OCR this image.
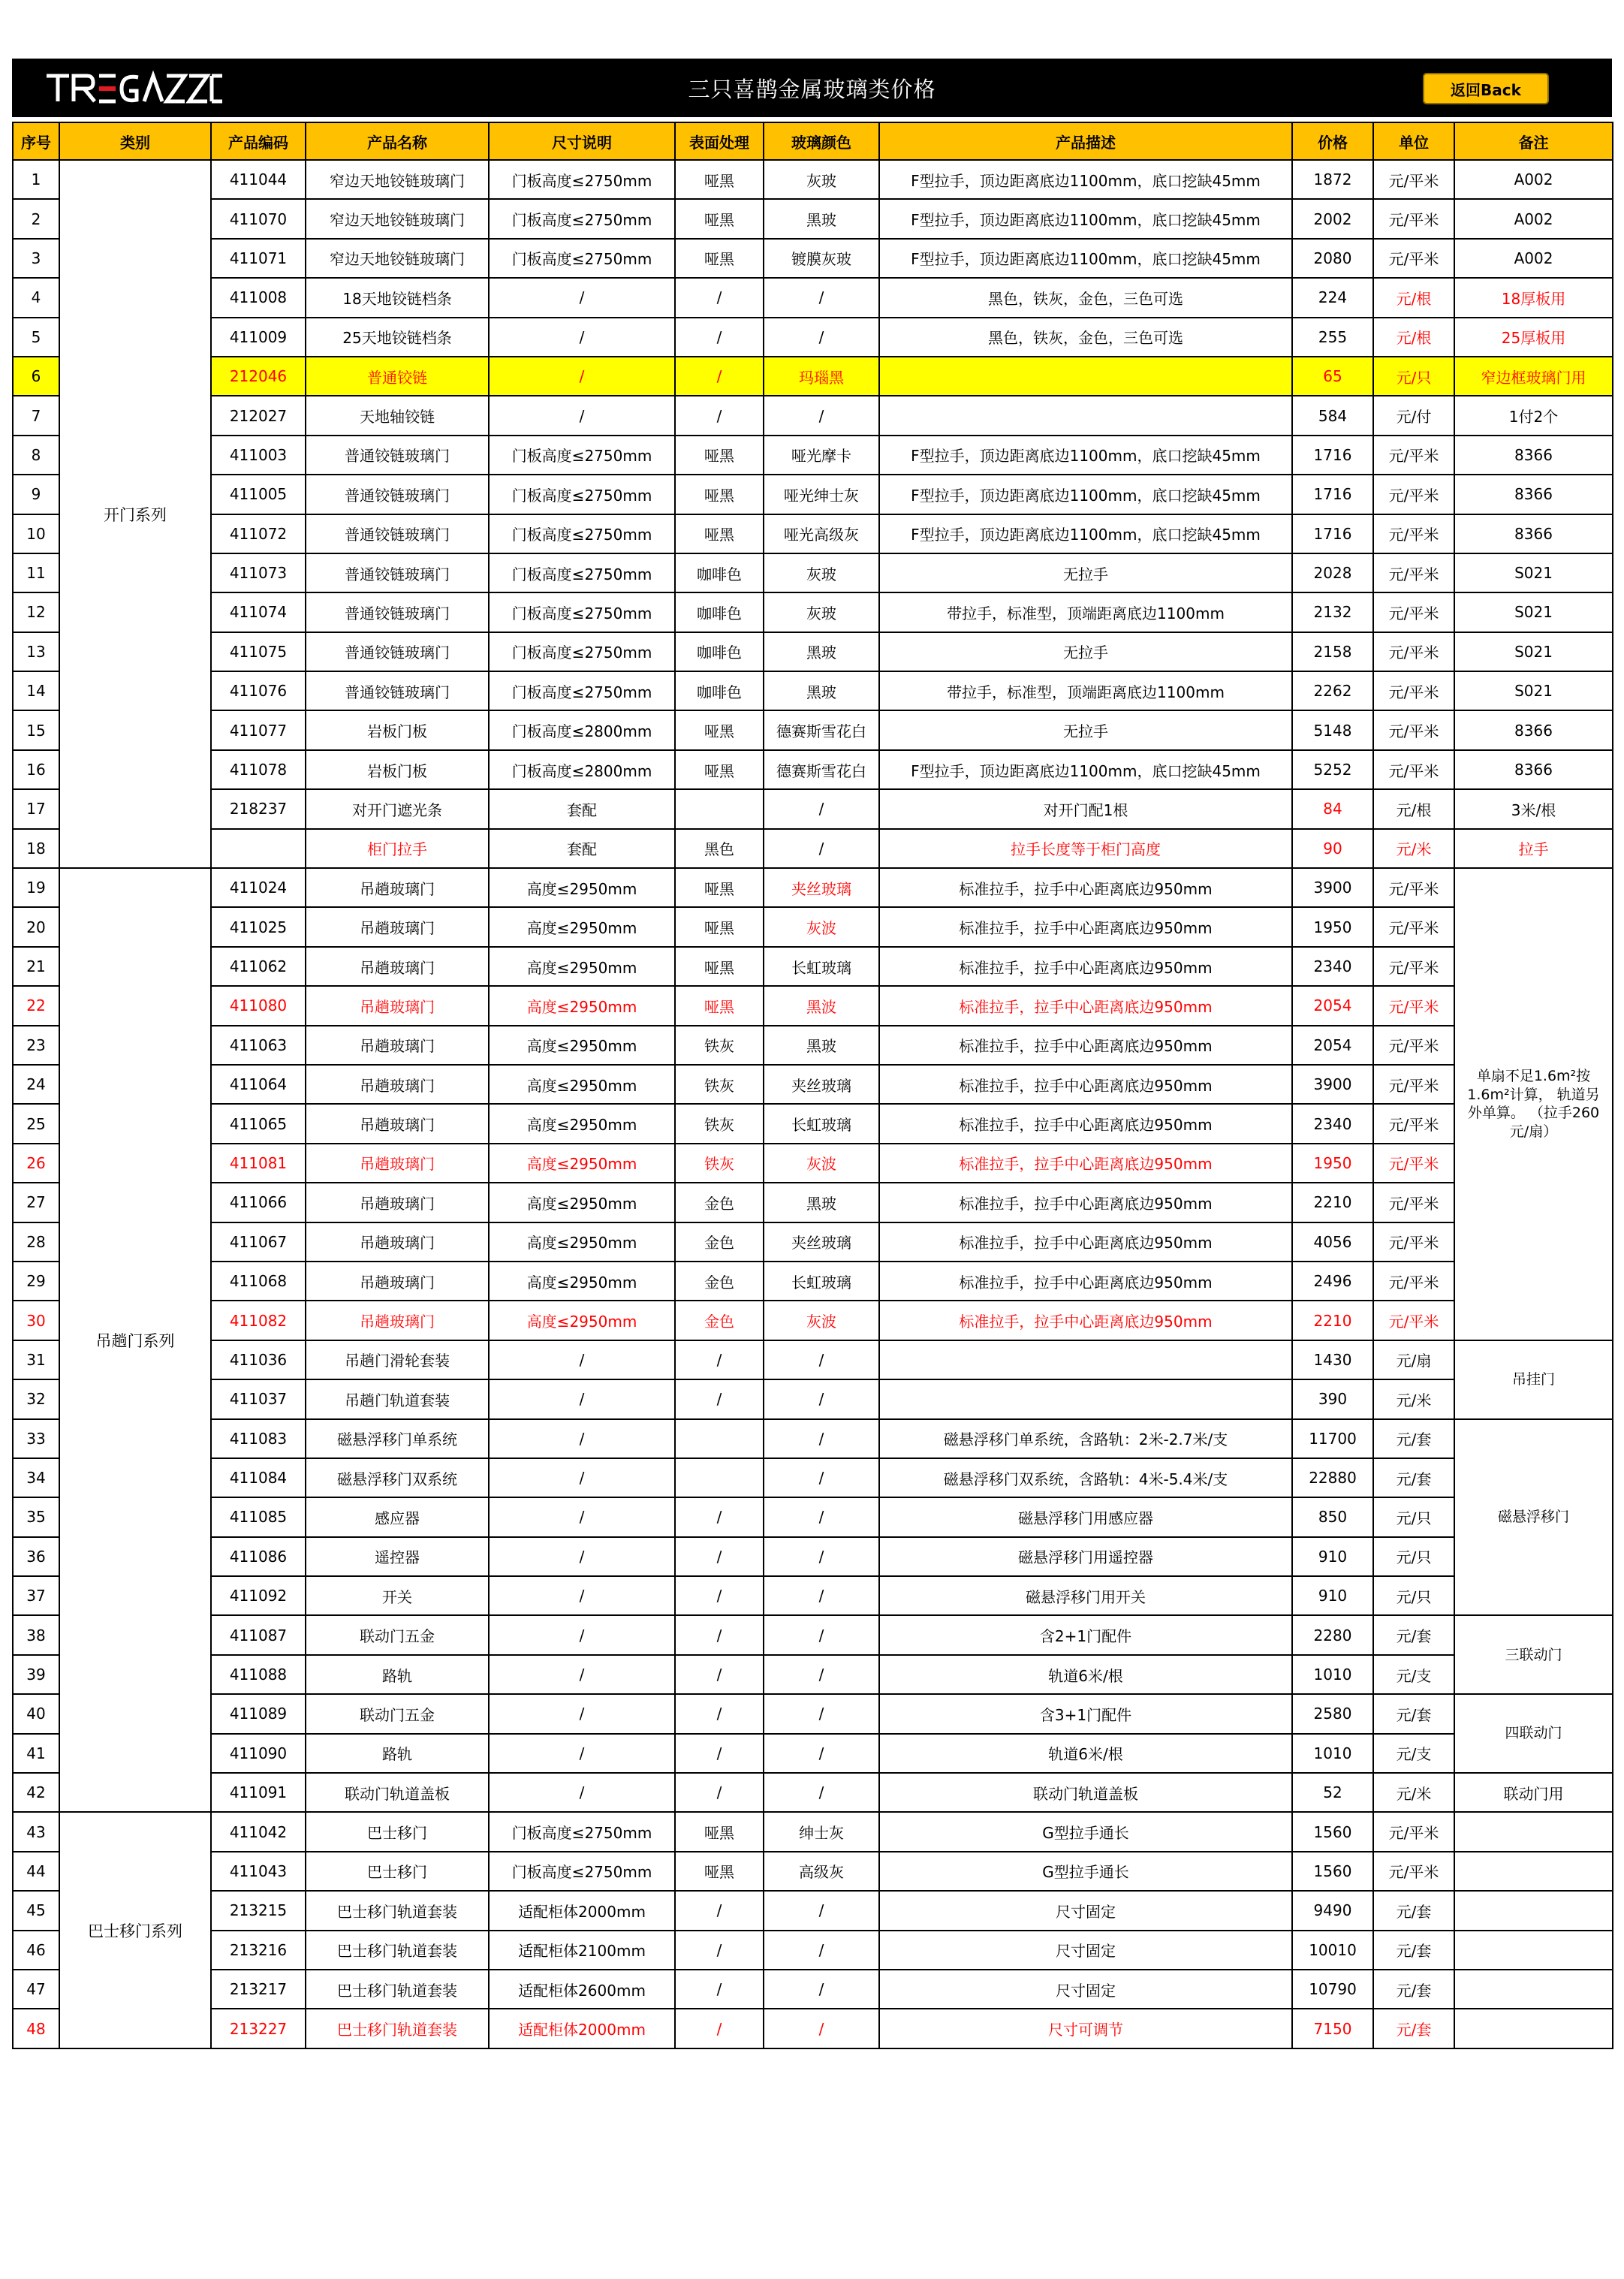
三只喜鹊金属玻璃类价格	返回Back
序号	类别	产品编码	产品名称	尺寸说明	表面处理	玻璃颜色	产品描述	价格	单位	备注
1	开门系列	411044	窄边天地铰链玻璃门	门板高度≤2750mm	哑黑	灰玻	F型拉手，顶边距离底边1100mm，底口挖缺45mm	1872	元/平米	A002
2		411070	窄边天地铰链玻璃门	门板高度≤2750mm	哑黑	黑玻	F型拉手，顶边距离底边1100mm，底口挖缺45mm	2002	元/平米	A002
3		411071	窄边天地铰链玻璃门	门板高度≤2750mm	哑黑	镀膜灰玻	F型拉手，顶边距离底边1100mm，底口挖缺45mm	2080	元/平米	A002
4		411008	18天地铰链档条	/	/	/	黑色，铁灰，金色，三色可选	224	元/根	18厚板用
5		411009	25天地铰链档条	/	/	/	黑色，铁灰，金色，三色可选	255	元/根	25厚板用
6		212046	普通铰链	/	/	玛瑙黑		65	元/只	窄边框玻璃门用
7		212027	天地轴铰链	/	/	/		584	元/付	1付2个
8		411003	普通铰链玻璃门	门板高度≤2750mm	哑黑	哑光摩卡	F型拉手，顶边距离底边1100mm，底口挖缺45mm	1716	元/平米	8366
9		411005	普通铰链玻璃门	门板高度≤2750mm	哑黑	哑光绅士灰	F型拉手，顶边距离底边1100mm，底口挖缺45mm	1716	元/平米	8366
10		411072	普通铰链玻璃门	门板高度≤2750mm	哑黑	哑光高级灰	F型拉手，顶边距离底边1100mm，底口挖缺45mm	1716	元/平米	8366
11		411073	普通铰链玻璃门	门板高度≤2750mm	咖啡色	灰玻	无拉手	2028	元/平米	S021
12		411074	普通铰链玻璃门	门板高度≤2750mm	咖啡色	灰玻	带拉手，标准型，顶端距离底边1100mm	2132	元/平米	S021
13		411075	普通铰链玻璃门	门板高度≤2750mm	咖啡色	黑玻	无拉手	2158	元/平米	S021
14		411076	普通铰链玻璃门	门板高度≤2750mm	咖啡色	黑玻	带拉手，标准型，顶端距离底边1100mm	2262	元/平米	S021
15		411077	岩板门板	门板高度≤2800mm	哑黑	德赛斯雪花白	无拉手	5148	元/平米	8366
16		411078	岩板门板	门板高度≤2800mm	哑黑	德赛斯雪花白	F型拉手，顶边距离底边1100mm，底口挖缺45mm	5252	元/平米	8366
17		218237	对开门遮光条	套配		/	对开门配1根	84	元/根	3米/根
18			柜门拉手	套配	黑色	/	拉手长度等于柜门高度	90	元/米	拉手
19	吊趟门系列	411024	吊趟玻璃门	高度≤2950mm	哑黑	夹丝玻璃	标准拉手，拉手中心距离底边950mm	3900	元/平米	单扇不足1.6m²按1.6m²计算， 轨道另外单算。 （拉手260元/扇）
20		411025	吊趟玻璃门	高度≤2950mm	哑黑	灰波	标准拉手，拉手中心距离底边950mm	1950	元/平米	
21		411062	吊趟玻璃门	高度≤2950mm	哑黑	长虹玻璃	标准拉手，拉手中心距离底边950mm	2340	元/平米	
22		411080	吊趟玻璃门	高度≤2950mm	哑黑	黑波	标准拉手，拉手中心距离底边950mm	2054	元/平米	
23		411063	吊趟玻璃门	高度≤2950mm	铁灰	黑玻	标准拉手，拉手中心距离底边950mm	2054	元/平米	
24		411064	吊趟玻璃门	高度≤2950mm	铁灰	夹丝玻璃	标准拉手，拉手中心距离底边950mm	3900	元/平米	
25		411065	吊趟玻璃门	高度≤2950mm	铁灰	长虹玻璃	标准拉手，拉手中心距离底边950mm	2340	元/平米	
26		411081	吊趟玻璃门	高度≤2950mm	铁灰	灰波	标准拉手，拉手中心距离底边950mm	1950	元/平米	
27		411066	吊趟玻璃门	高度≤2950mm	金色	黑玻	标准拉手，拉手中心距离底边950mm	2210	元/平米	
28		411067	吊趟玻璃门	高度≤2950mm	金色	夹丝玻璃	标准拉手，拉手中心距离底边950mm	4056	元/平米	
29		411068	吊趟玻璃门	高度≤2950mm	金色	长虹玻璃	标准拉手，拉手中心距离底边950mm	2496	元/平米	
30		411082	吊趟玻璃门	高度≤2950mm	金色	灰波	标准拉手，拉手中心距离底边950mm	2210	元/平米	
31		411036	吊趟门滑轮套装	/	/	/		1430	元/扇	吊挂门
32		411037	吊趟门轨道套装	/	/	/		390	元/米	
33		411083	磁悬浮移门单系统	/		/	磁悬浮移门单系统，含路轨：2米-2.7米/支	11700	元/套	磁悬浮移门
34		411084	磁悬浮移门双系统	/		/	磁悬浮移门双系统，含路轨：4米-5.4米/支	22880	元/套	
35		411085	感应器	/	/	/	磁悬浮移门用感应器	850	元/只	
36		411086	遥控器	/	/	/	磁悬浮移门用遥控器	910	元/只	
37		411092	开关	/	/	/	磁悬浮移门用开关	910	元/只	
38		411087	联动门五金	/	/	/	含2+1门配件	2280	元/套	三联动门
39		411088	路轨	/	/	/	轨道6米/根	1010	元/支	
40		411089	联动门五金	/	/	/	含3+1门配件	2580	元/套	四联动门
41		411090	路轨	/	/	/	轨道6米/根	1010	元/支	
42		411091	联动门轨道盖板	/	/	/	联动门轨道盖板	52	元/米	联动门用
43	巴士移门系列	411042	巴士移门	门板高度≤2750mm	哑黑	绅士灰	G型拉手通长	1560	元/平米	
44		411043	巴士移门	门板高度≤2750mm	哑黑	高级灰	G型拉手通长	1560	元/平米	
45		213215	巴士移门轨道套装	适配柜体2000mm	/	/	尺寸固定	9490	元/套	
46		213216	巴士移门轨道套装	适配柜体2100mm	/	/	尺寸固定	10010	元/套	
47		213217	巴士移门轨道套装	适配柜体2600mm	/	/	尺寸固定	10790	元/套	
48		213227	巴士移门轨道套装	适配柜体2000mm	/	/	尺寸可调节	7150	元/套	
